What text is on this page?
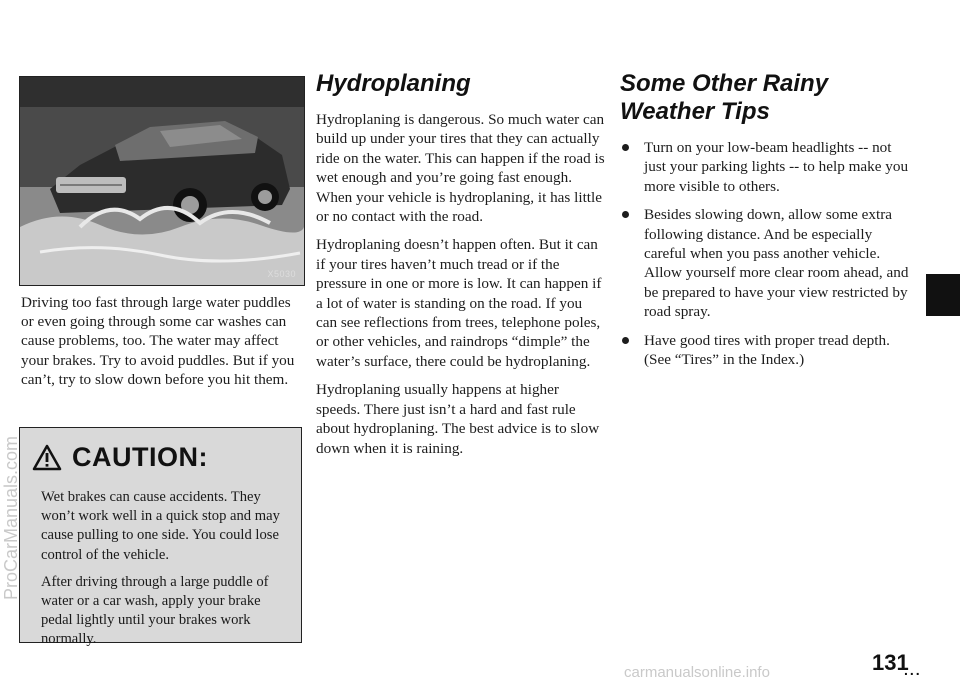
X5030
Driving too fast through large water puddles or even going through some car washes can cause problems, too. The water may affect your brakes. Try to avoid puddles. But if you can’t, try to slow down before you hit them.
CAUTION:

Wet brakes can cause accidents. They won’t work well in a quick stop and may cause pulling to one side. You could lose control of the vehicle.

After driving through a large puddle of water or a car wash, apply your brake pedal lightly until your brakes work normally.

Hydroplaning

Hydroplaning is dangerous. So much water can build up under your tires that they can actually ride on the water. This can happen if the road is wet enough and you’re going fast enough. When your vehicle is hydroplaning, it has little or no contact with the road.

Hydroplaning doesn’t happen often. But it can if your tires haven’t much tread or if the pressure in one or more is low. It can happen if a lot of water is standing on the road. If you can see reflections from trees, telephone poles, or other vehicles, and raindrops “dimple” the water’s surface, there could be hydroplaning.

Hydroplaning usually happens at higher speeds. There just isn’t a hard and fast rule about hydroplaning. The best advice is to slow down when it is raining.

Some Other Rainy
Weather Tips
Turn on your low-beam headlights -- not just your parking lights -- to help make you more visible to others.
Besides slowing down, allow some extra following distance. And be especially careful when you pass another vehicle. Allow yourself more clear room ahead, and be prepared to have your view restricted by road spray.
Have good tires with proper tread depth. (See “Tires” in the Index.)
131
...
ProCarManuals.com
carmanualsonline.info
